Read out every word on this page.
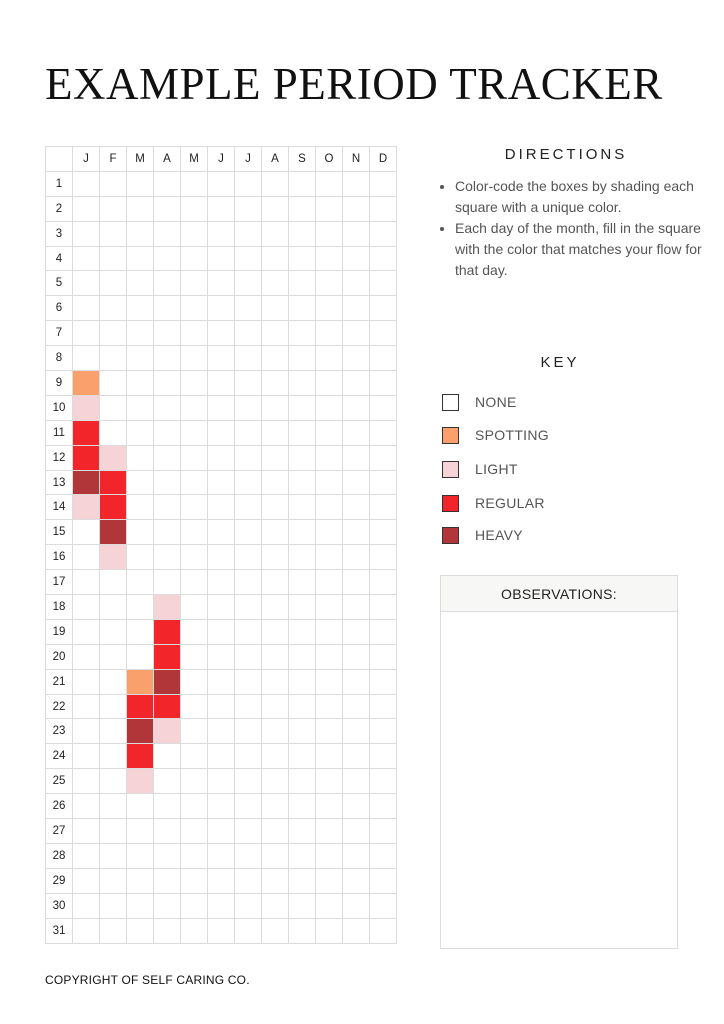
EXAMPLE PERIOD TRACKER
	J	F	M	A	M	J	J	A	S	O	N	D
1												
2												
3												
4												
5												
6												
7												
8												
9												
10												
11												
12												
13												
14												
15												
16												
17												
18												
19												
20												
21												
22												
23												
24												
25												
26												
27												
28												
29												
30												
31												
DIRECTIONS
• Color-code the boxes by shading each square with a unique color.
• Each day of the month, fill in the square with the color that matches your flow for that day.
KEY
NONE
SPOTTING
LIGHT
REGULAR
HEAVY
OBSERVATIONS:
COPYRIGHT OF SELF CARING CO.
